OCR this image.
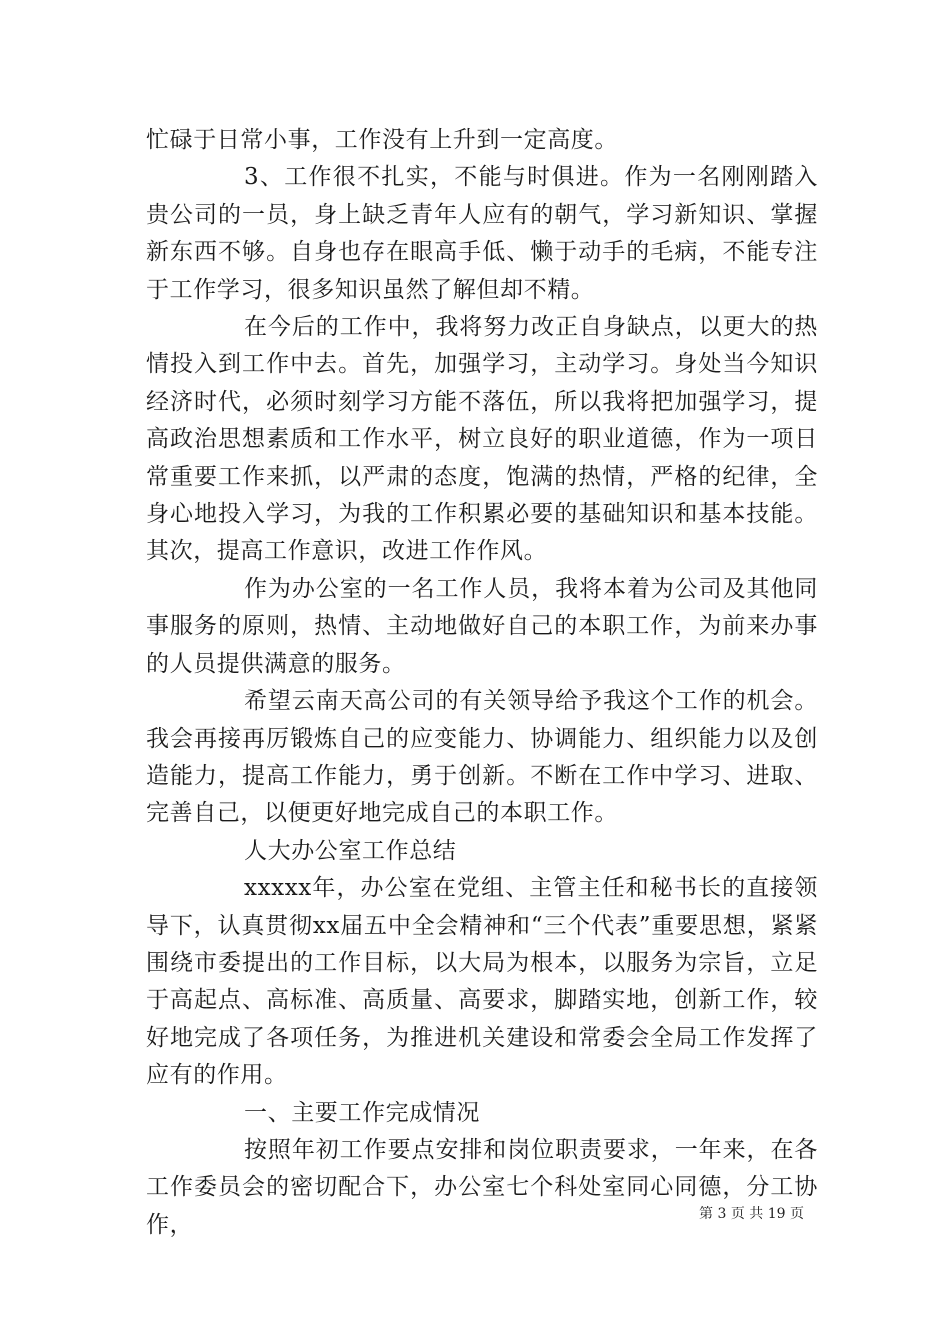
忙碌于日常小事，工作没有上升到一定高度。

3、工作很不扎实，不能与时俱进。作为一名刚刚踏入贵公司的一员，身上缺乏青年人应有的朝气，学习新知识、掌握新东西不够。自身也存在眼高手低、懒于动手的毛病，不能专注于工作学习，很多知识虽然了解但却不精。

在今后的工作中，我将努力改正自身缺点，以更大的热情投入到工作中去。首先，加强学习，主动学习。身处当今知识经济时代，必须时刻学习方能不落伍，所以我将把加强学习，提高政治思想素质和工作水平，树立良好的职业道德，作为一项日常重要工作来抓，以严肃的态度，饱满的热情，严格的纪律，全身心地投入学习，为我的工作积累必要的基础知识和基本技能。其次，提高工作意识，改进工作作风。

作为办公室的一名工作人员，我将本着为公司及其他同事服务的原则，热情、主动地做好自己的本职工作，为前来办事的人员提供满意的服务。

希望云南天高公司的有关领导给予我这个工作的机会。我会再接再厉锻炼自己的应变能力、协调能力、组织能力以及创造能力，提高工作能力，勇于创新。不断在工作中学习、进取、完善自己，以便更好地完成自己的本职工作。

人大办公室工作总结

xxxxx年，办公室在党组、主管主任和秘书长的直接领导下，认真贯彻xx届五中全会精神和“三个代表”重要思想，紧紧围绕市委提出的工作目标，以大局为根本，以服务为宗旨，立足于高起点、高标准、高质量、高要求，脚踏实地，创新工作，较好地完成了各项任务，为推进机关建设和常委会全局工作发挥了应有的作用。

一、主要工作完成情况

按照年初工作要点安排和岗位职责要求，一年来，在各工作委员会的密切配合下，办公室七个科处室同心同德，分工协作，	第 3 页 共 19 页
